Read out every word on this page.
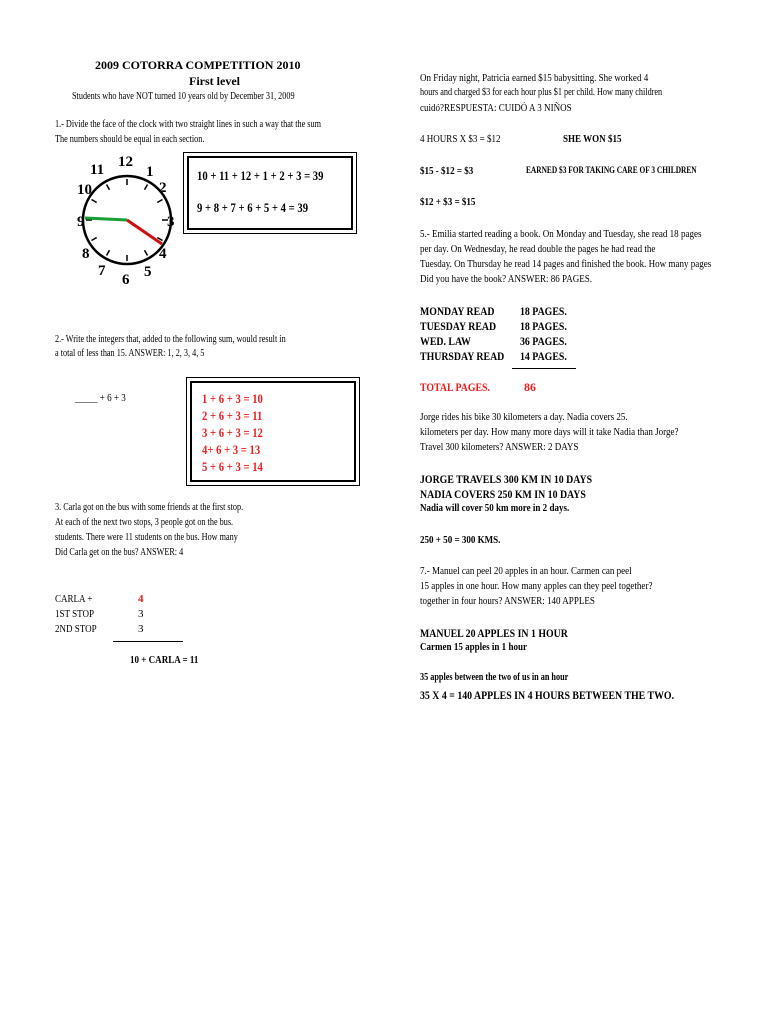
2009 COTORRA COMPETITION 2010
First level
Students who have NOT turned 10 years old by December 31, 2009
1.- Divide the face of the clock with two straight lines in such a way that the sum
The numbers should be equal in each section.
12
1
2
3
4
5
6
7
8
9
10
11	10 + 11 + 12 + 1 + 2 + 3 = 39
9 + 8 + 7 + 6 + 5 + 4 = 39
2.- Write the integers that, added to the following sum, would result in
a total of less than 15. ANSWER: 1, 2, 3, 4, 5
_____ + 6 + 3	1 + 6 + 3 = 10
2 + 6 + 3 = 11
3 + 6 + 3 = 12
4+ 6 + 3 = 13
5 + 6 + 3 = 14
3. Carla got on the bus with some friends at the first stop.
At each of the next two stops, 3 people got on the bus.
students. There were 11 students on the bus. How many
Did Carla get on the bus? ANSWER: 4
CARLA +	4
1ST STOP	3
2ND STOP	3
10 + CARLA = 11
On Friday night, Patricia earned $15 babysitting. She worked 4
hours and charged $3 for each hour plus $1 per child. How many children
cuidó?RESPUESTA: CUIDÓ A 3 NIÑOS
4 HOURS X $3 = $12	SHE WON $15
$15 - $12 = $3	EARNED $3 FOR TAKING CARE OF 3 CHILDREN
$12 + $3 = $15
5.- Emilia started reading a book. On Monday and Tuesday, she read 18 pages
per day. On Wednesday, he read double the pages he had read the
Tuesday. On Thursday he read 14 pages and finished the book. How many pages
Did you have the book? ANSWER: 86 PAGES.
MONDAY READ	18 PAGES.
TUESDAY READ	18 PAGES.
WED. LAW	36 PAGES.
THURSDAY READ	14 PAGES.
TOTAL PAGES.	86
Jorge rides his bike 30 kilometers a day. Nadia covers 25.
kilometers per day. How many more days will it take Nadia than Jorge?
Travel 300 kilometers? ANSWER: 2 DAYS
JORGE TRAVELS 300 KM IN 10 DAYS
NADIA COVERS 250 KM IN 10 DAYS
Nadia will cover 50 km more in 2 days.
250 + 50 = 300 KMS.
7.- Manuel can peel 20 apples in an hour. Carmen can peel
15 apples in one hour. How many apples can they peel together?
together in four hours? ANSWER: 140 APPLES
MANUEL 20 APPLES IN 1 HOUR
Carmen 15 apples in 1 hour
35 apples between the two of us in an hour
35 X 4 = 140 APPLES IN 4 HOURS BETWEEN THE TWO.
